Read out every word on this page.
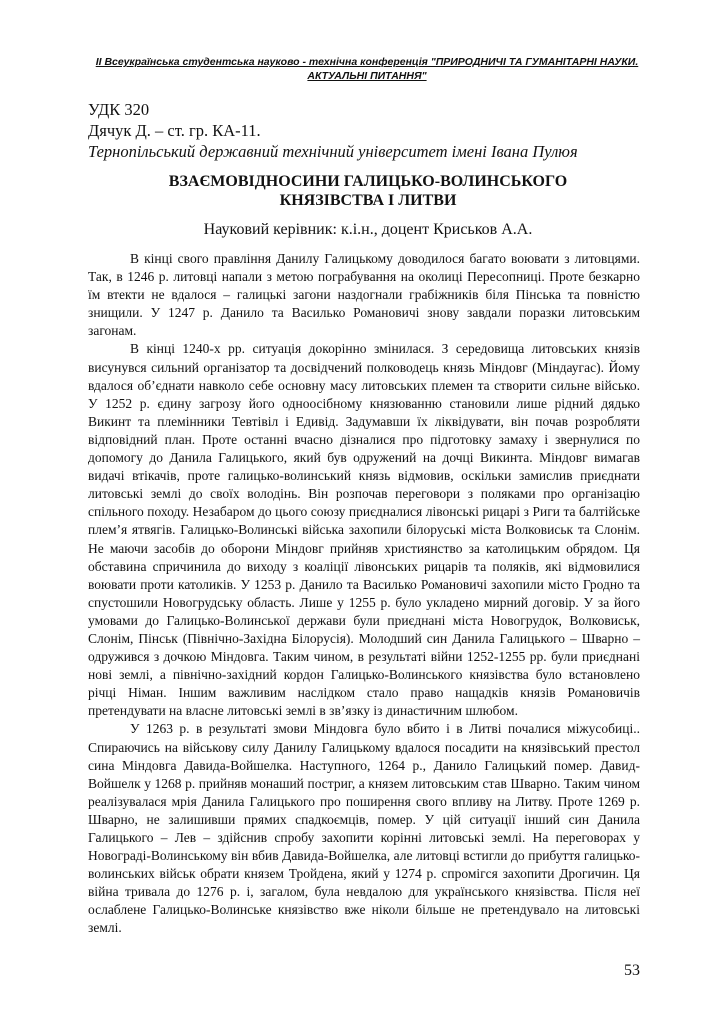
II Всеукраїнська студентська науково - технічна конференція "ПРИРОДНИЧІ ТА ГУМАНІТАРНІ НАУКИ.
АКТУАЛЬНІ ПИТАННЯ"
УДК 320
Дячук Д. – ст. гр. КА-11.
Тернопільський державний технічний університет імені Івана Пулюя
ВЗАЄМОВІДНОСИНИ ГАЛИЦЬКО-ВОЛИНСЬКОГО
КНЯЗІВСТВА І ЛИТВИ
Науковий керівник: к.і.н., доцент Криськов А.А.

В кінці свого правління Данилу Галицькому доводилося багато воювати з литовцями. Так, в 1246 р. литовці напали з метою пограбування на околиці Пересопниці. Проте безкарно їм втекти не вдалося – галицькі загони наздогнали грабіжників біля Пінська та повністю знищили. У 1247 р. Данило та Василько Романовичі знову завдали поразки литовським загонам.

В кінці 1240-х рр. ситуація докорінно змінилася. З середовища литовських князів висунувся сильний організатор та досвідчений полководець князь Міндовг (Міндаугас). Йому вдалося об’єднати навколо себе основну масу литовських племен та створити сильне військо. У 1252 р. єдину загрозу його одноосібному князюванню становили лише рідний дядько Викинт та племінники Тевтівіл і Едивід. Задумавши їх ліквідувати, він почав розробляти відповідний план. Проте останні вчасно дізналися про підготовку замаху і звернулися по допомогу до Данила Галицького, який був одружений на дочці Викинта. Міндовг вимагав видачі втікачів, проте галицько-волинський князь відмовив, оскільки замислив приєднати литовські землі до своїх володінь. Він розпочав переговори з поляками про організацію спільного походу. Незабаром до цього союзу приєдналися лівонські рицарі з Риги та балтійське плем’я ятвягів. Галицько-Волинські війська захопили білоруські міста Волковиськ та Слонім. Не маючи засобів до оборони Міндовг прийняв християнство за католицьким обрядом. Ця обставина спричинила до виходу з коаліції лівонських рицарів та поляків, які відмовилися воювати проти католиків. У 1253 р. Данило та Василько Романовичі захопили місто Гродно та спустошили Новогрудську область. Лише у 1255 р. було укладено мирний договір. У за його умовами до Галицько-Волинської держави були приєднані міста Новогрудок, Волковиськ, Слонім, Пінськ (Північно-Західна Білорусія). Молодший син Данила Галицького – Шварно – одружився з дочкою Міндовга. Таким чином, в результаті війни 1252-1255 рр. були приєднані нові землі, а північно-західний кордон Галицько-Волинського князівства було встановлено річці Німан. Іншим важливим наслідком стало право нащадків князів Романовичів претендувати на власне литовські землі в зв’язку із династичним шлюбом.

У 1263 р. в результаті змови Міндовга було вбито і в Литві почалися міжусобиці.. Спираючись на військову силу Данилу Галицькому вдалося посадити на князівський престол сина Міндовга Давида-Войшелка. Наступного, 1264 р., Данило Галицький помер. Давид-Войшелк у 1268 р. прийняв монаший постриг, а князем литовським став Шварно. Таким чином реалізувалася мрія Данила Галицького про поширення свого впливу на Литву. Проте 1269 р. Шварно, не залишивши прямих спадкоємців, помер. У цій ситуації інший син Данила Галицького – Лев – здійснив спробу захопити корінні литовські землі. На переговорах у Новограді-Волинському він вбив Давида-Войшелка, але литовці встигли до прибуття галицько-волинських військ обрати князем Тройдена, який у 1274 р. спромігся захопити Дрогичин. Ця війна тривала до 1276 р. і, загалом, була невдалою для українського князівства. Після неї ослаблене Галицько-Волинське князівство вже ніколи більше не претендувало на литовські землі.

53
